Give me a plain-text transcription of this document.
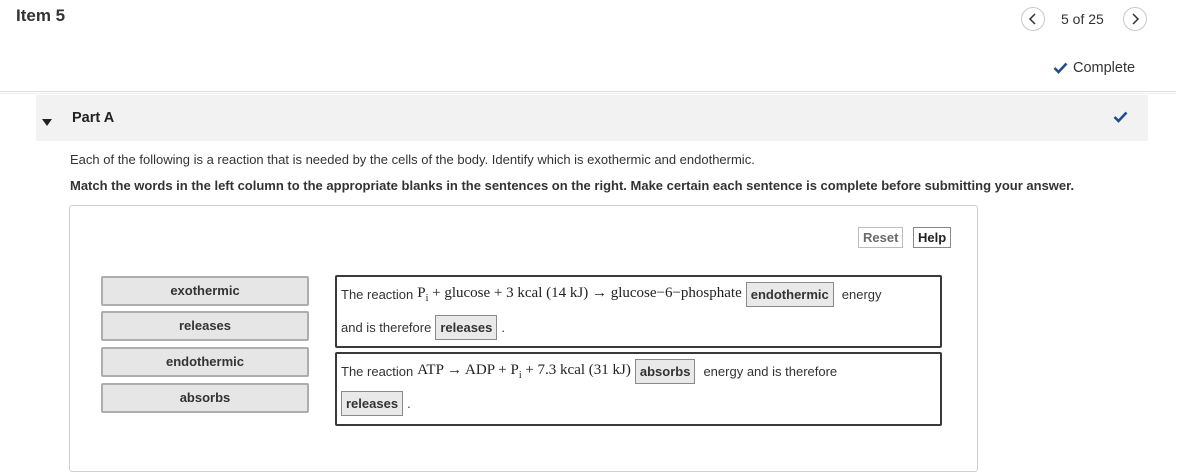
Item 5	5 of 25
Complete
Part A
Each of the following is a reaction that is needed by the cells of the body. Identify which is exothermic and endothermic.
Match the words in the left column to the appropriate blanks in the sentences on the right. Make certain each sentence is complete before submitting your answer.
Reset	Help
exothermic
releases
endothermic
absorbs
The reaction $P_i + glucose + 3$ kcal (14 kJ) → glucose−6−phosphate endothermic	energy
and is therefore releases .
The reaction ATP → ADP + $P_i + 7.3$ kcal (31 kJ) absorbs	energy and is therefore
releases .
